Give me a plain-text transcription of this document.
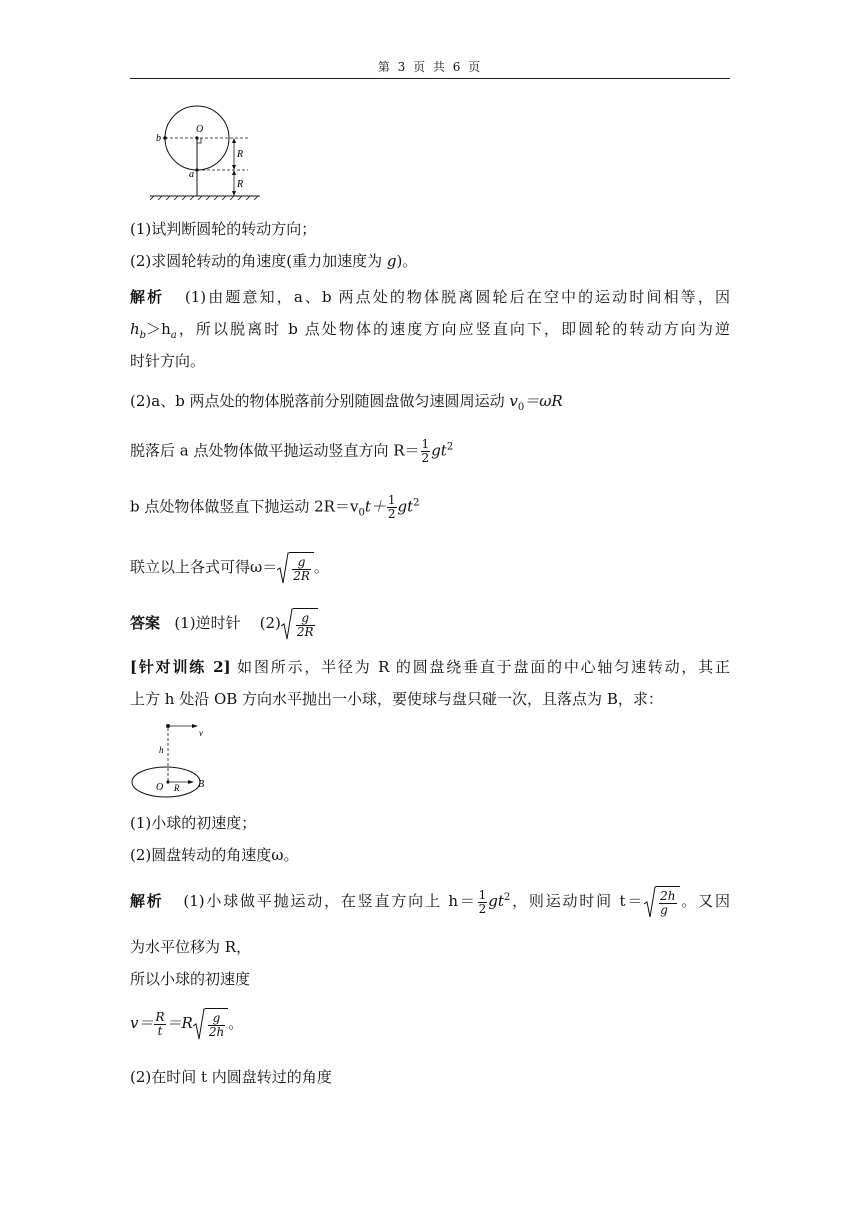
第 3 页 共 6 页
b
O
a
R
R
(1)试判断圆轮的转动方向；
(2)求圆轮转动的角速度(重力加速度为 g)。
解析 (1)由题意知，a、b 两点处的物体脱离圆轮后在空中的运动时间相等，因
$h_b>h_a$，所以脱离时 b 点处物体的速度方向应竖直向下，即圆轮的转动方向为逆
时针方向。
(2)a、b 两点处的物体脱落前分别随圆盘做匀速圆周运动 $v_0=\omega R$
脱落后 a 点处物体做平抛运动竖直方向 $R= \frac{1}{2} gt^2$
b 点处物体做竖直下抛运动 $2R=v_0t+ \frac{1}{2} gt^2$
联立以上各式可得$\omega= \frac{g}{2R}$ 。
答案 (1)逆时针 $(2) \frac{g}{2R}$
[针对训练 2] 如图所示，半径为 R 的圆盘绕垂直于盘面的中心轴匀速转动，其正
上方 h 处沿 OB 方向水平抛出一小球，要使球与盘只碰一次，且落点为 B，求：
v
h
O R B
(1)小球的初速度；
(2)圆盘转动的角速度ω。
解析 (1)小球做平抛运动，在竖直方向上 $h= \frac{1}{2} gt^2$，则运动时间 $t= \frac{2h}{g}$ 。又因
为水平位移为 R，
所以小球的初速度
$v= \frac{R}{t} =R \frac{g}{2h}$ 。
(2)在时间 t 内圆盘转过的角度
